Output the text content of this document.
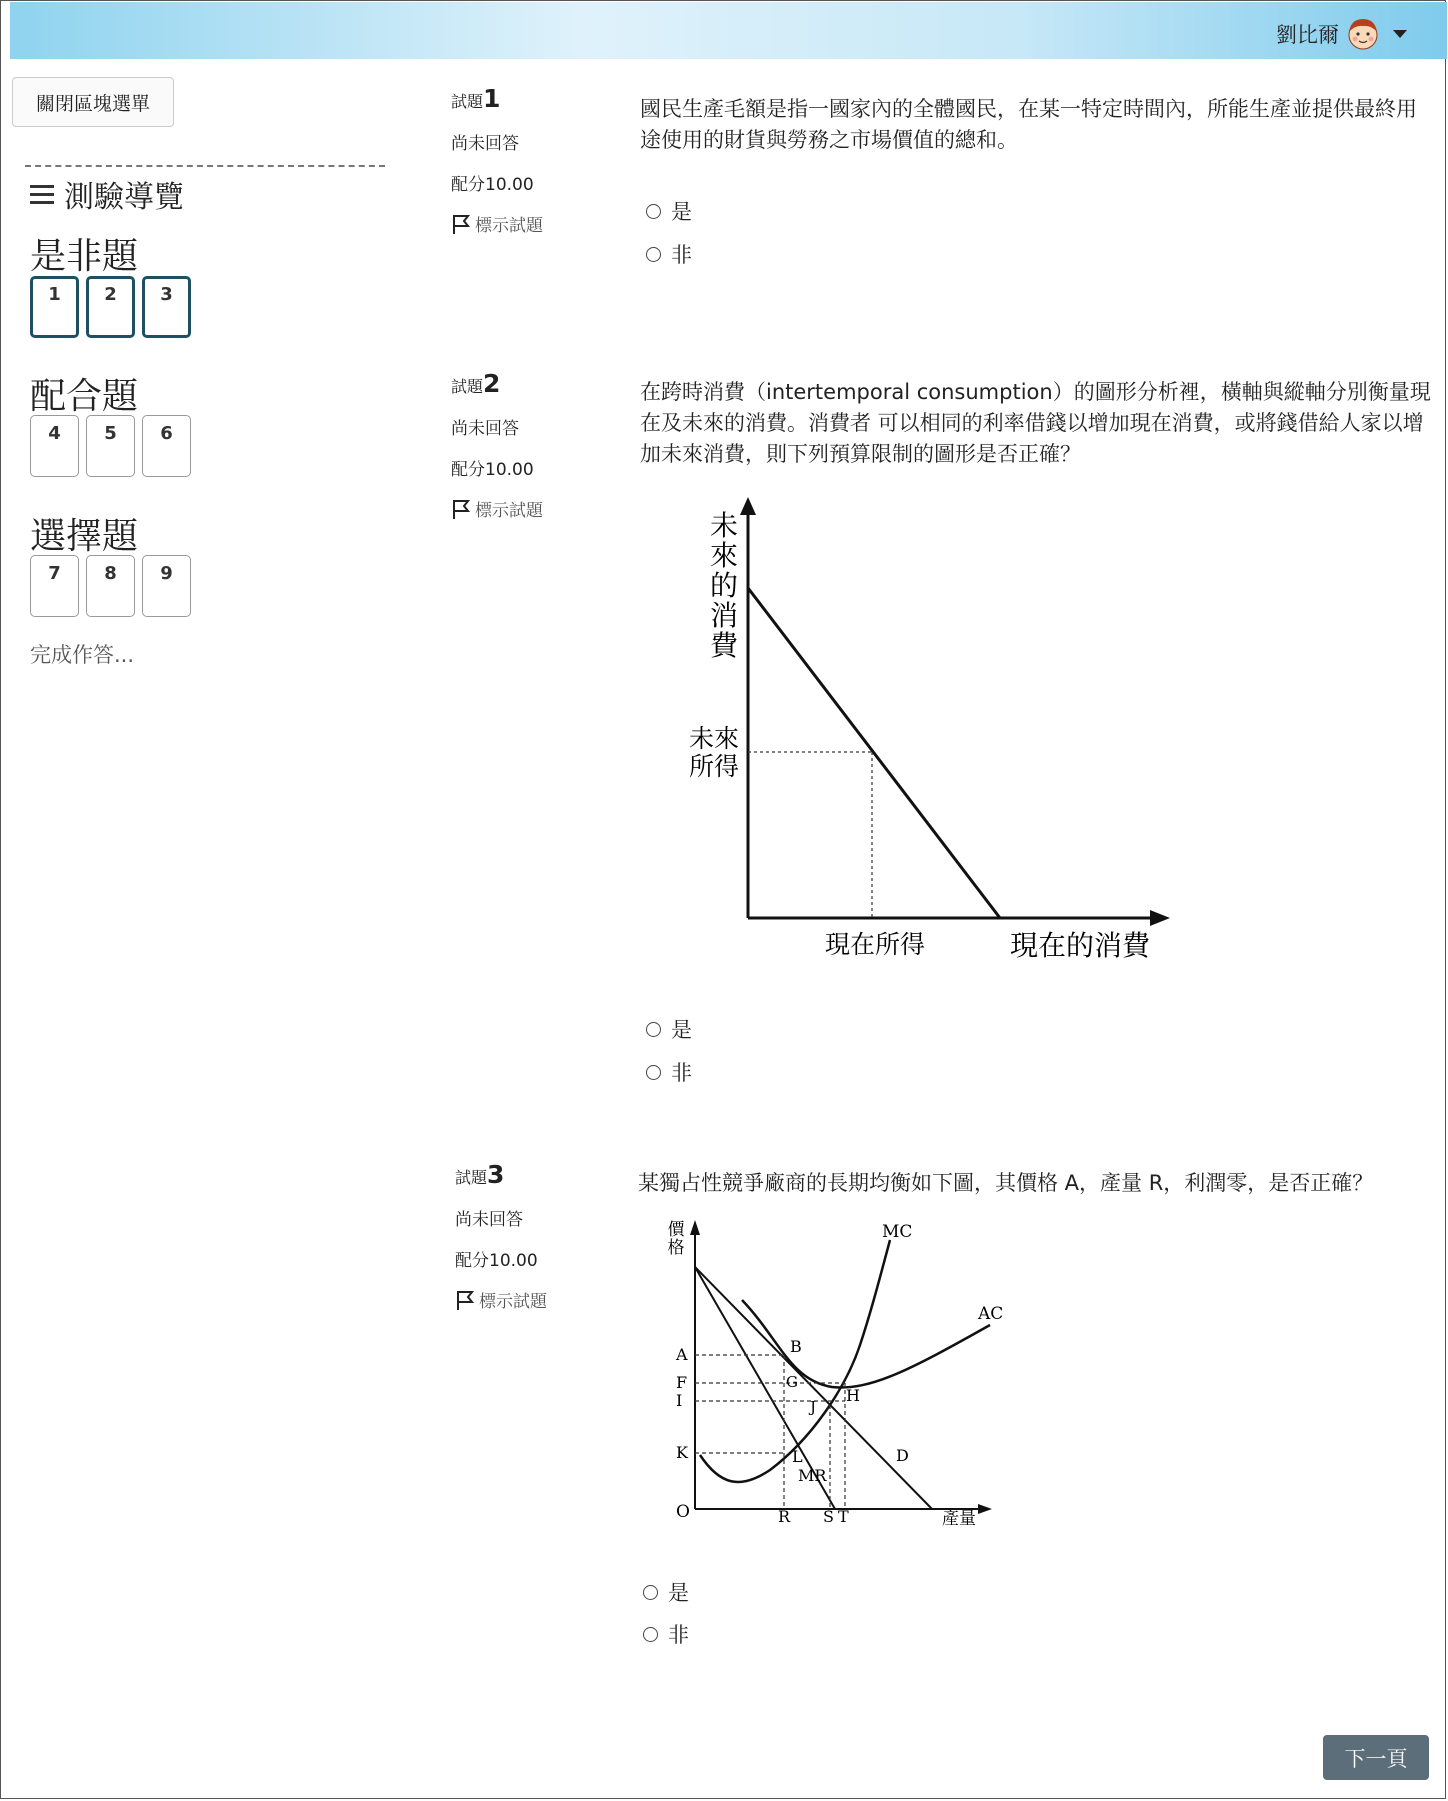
劉比爾
關閉區塊選單
測驗導覽
是非題
1	2	3
配合題
4	5	6
選擇題
7	8	9
完成作答...
試題1
尚未回答
配分10.00
標示試題
國民生產毛額是指一國家內的全體國民，在某一特定時間內，所能生產並提供最終用途使用的財貨與勞務之市場價值的總和。
是
非
試題2
尚未回答
配分10.00
標示試題
在跨時消費（intertemporal consumption）的圖形分析裡，橫軸與縱軸分別衡量現在及未來的消費。消費者 可以相同的利率借錢以增加現在消費，或將錢借給人家以增加未來消費，則下列預算限制的圖形是否正確？
未
來
的
消
費
未來
所得
現在所得	現在的消費
是
非
試題3
尚未回答
配分10.00
標示試題
某獨占性競爭廠商的長期均衡如下圖，其價格 A，產量 R，利潤零，是否正確？
價
格
MC
AC
MR
D
A
F
I
K
B
G
H
J
L
O	R S T	產量
是
非
下一頁
